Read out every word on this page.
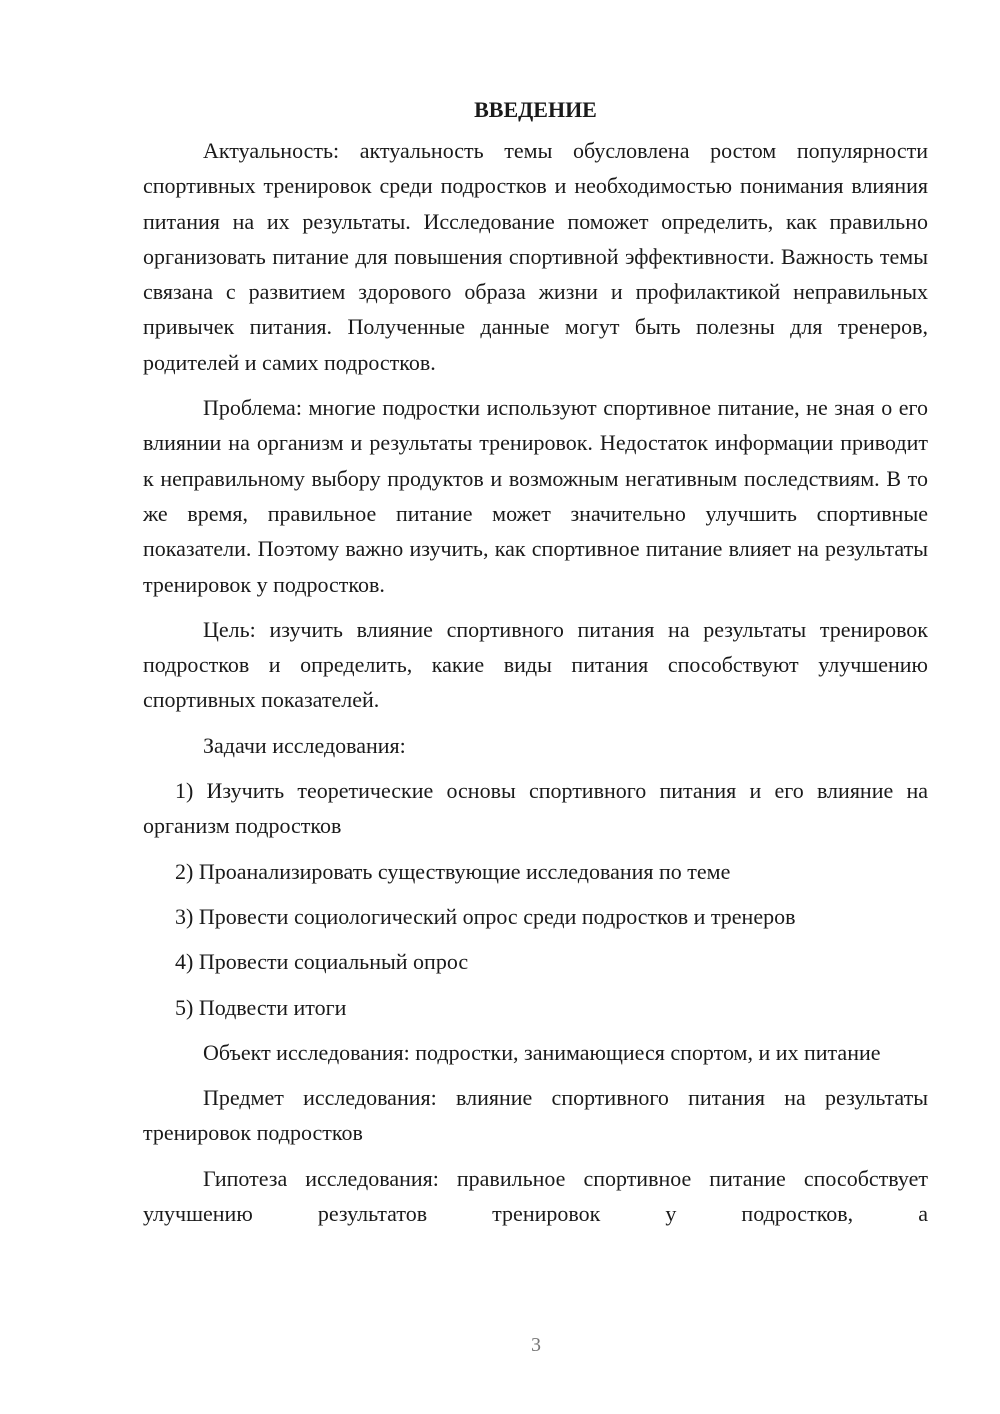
ВВЕДЕНИЕ

Актуальность: актуальность темы обусловлена ростом популярности спортивных тренировок среди подростков и необходимостью понимания влияния питания на их результаты. Исследование поможет определить, как правильно организовать питание для повышения спортивной эффективности. Важность темы связана с развитием здорового образа жизни и профилактикой неправильных привычек питания. Полученные данные могут быть полезны для тренеров, родителей и самих подростков.

Проблема: многие подростки используют спортивное питание, не зная о его влиянии на организм и результаты тренировок. Недостаток информации приводит к неправильному выбору продуктов и возможным негативным последствиям. В то же время, правильное питание может значительно улучшить спортивные показатели. Поэтому важно изучить, как спортивное питание влияет на результаты тренировок у подростков.

Цель: изучить влияние спортивного питания на результаты тренировок подростков и определить, какие виды питания способствуют улучшению спортивных показателей.

Задачи исследования:

1) Изучить теоретические основы спортивного питания и его влияние на организм подростков

2) Проанализировать существующие исследования по теме

3) Провести социологический опрос среди подростков и тренеров

4) Провести социальный опрос

5) Подвести итоги

Объект исследования: подростки, занимающиеся спортом, и их питание

Предмет исследования: влияние спортивного питания на результаты тренировок подростков

Гипотеза исследования: правильное спортивное питание способствует улучшению результатов тренировок у подростков, а

3
